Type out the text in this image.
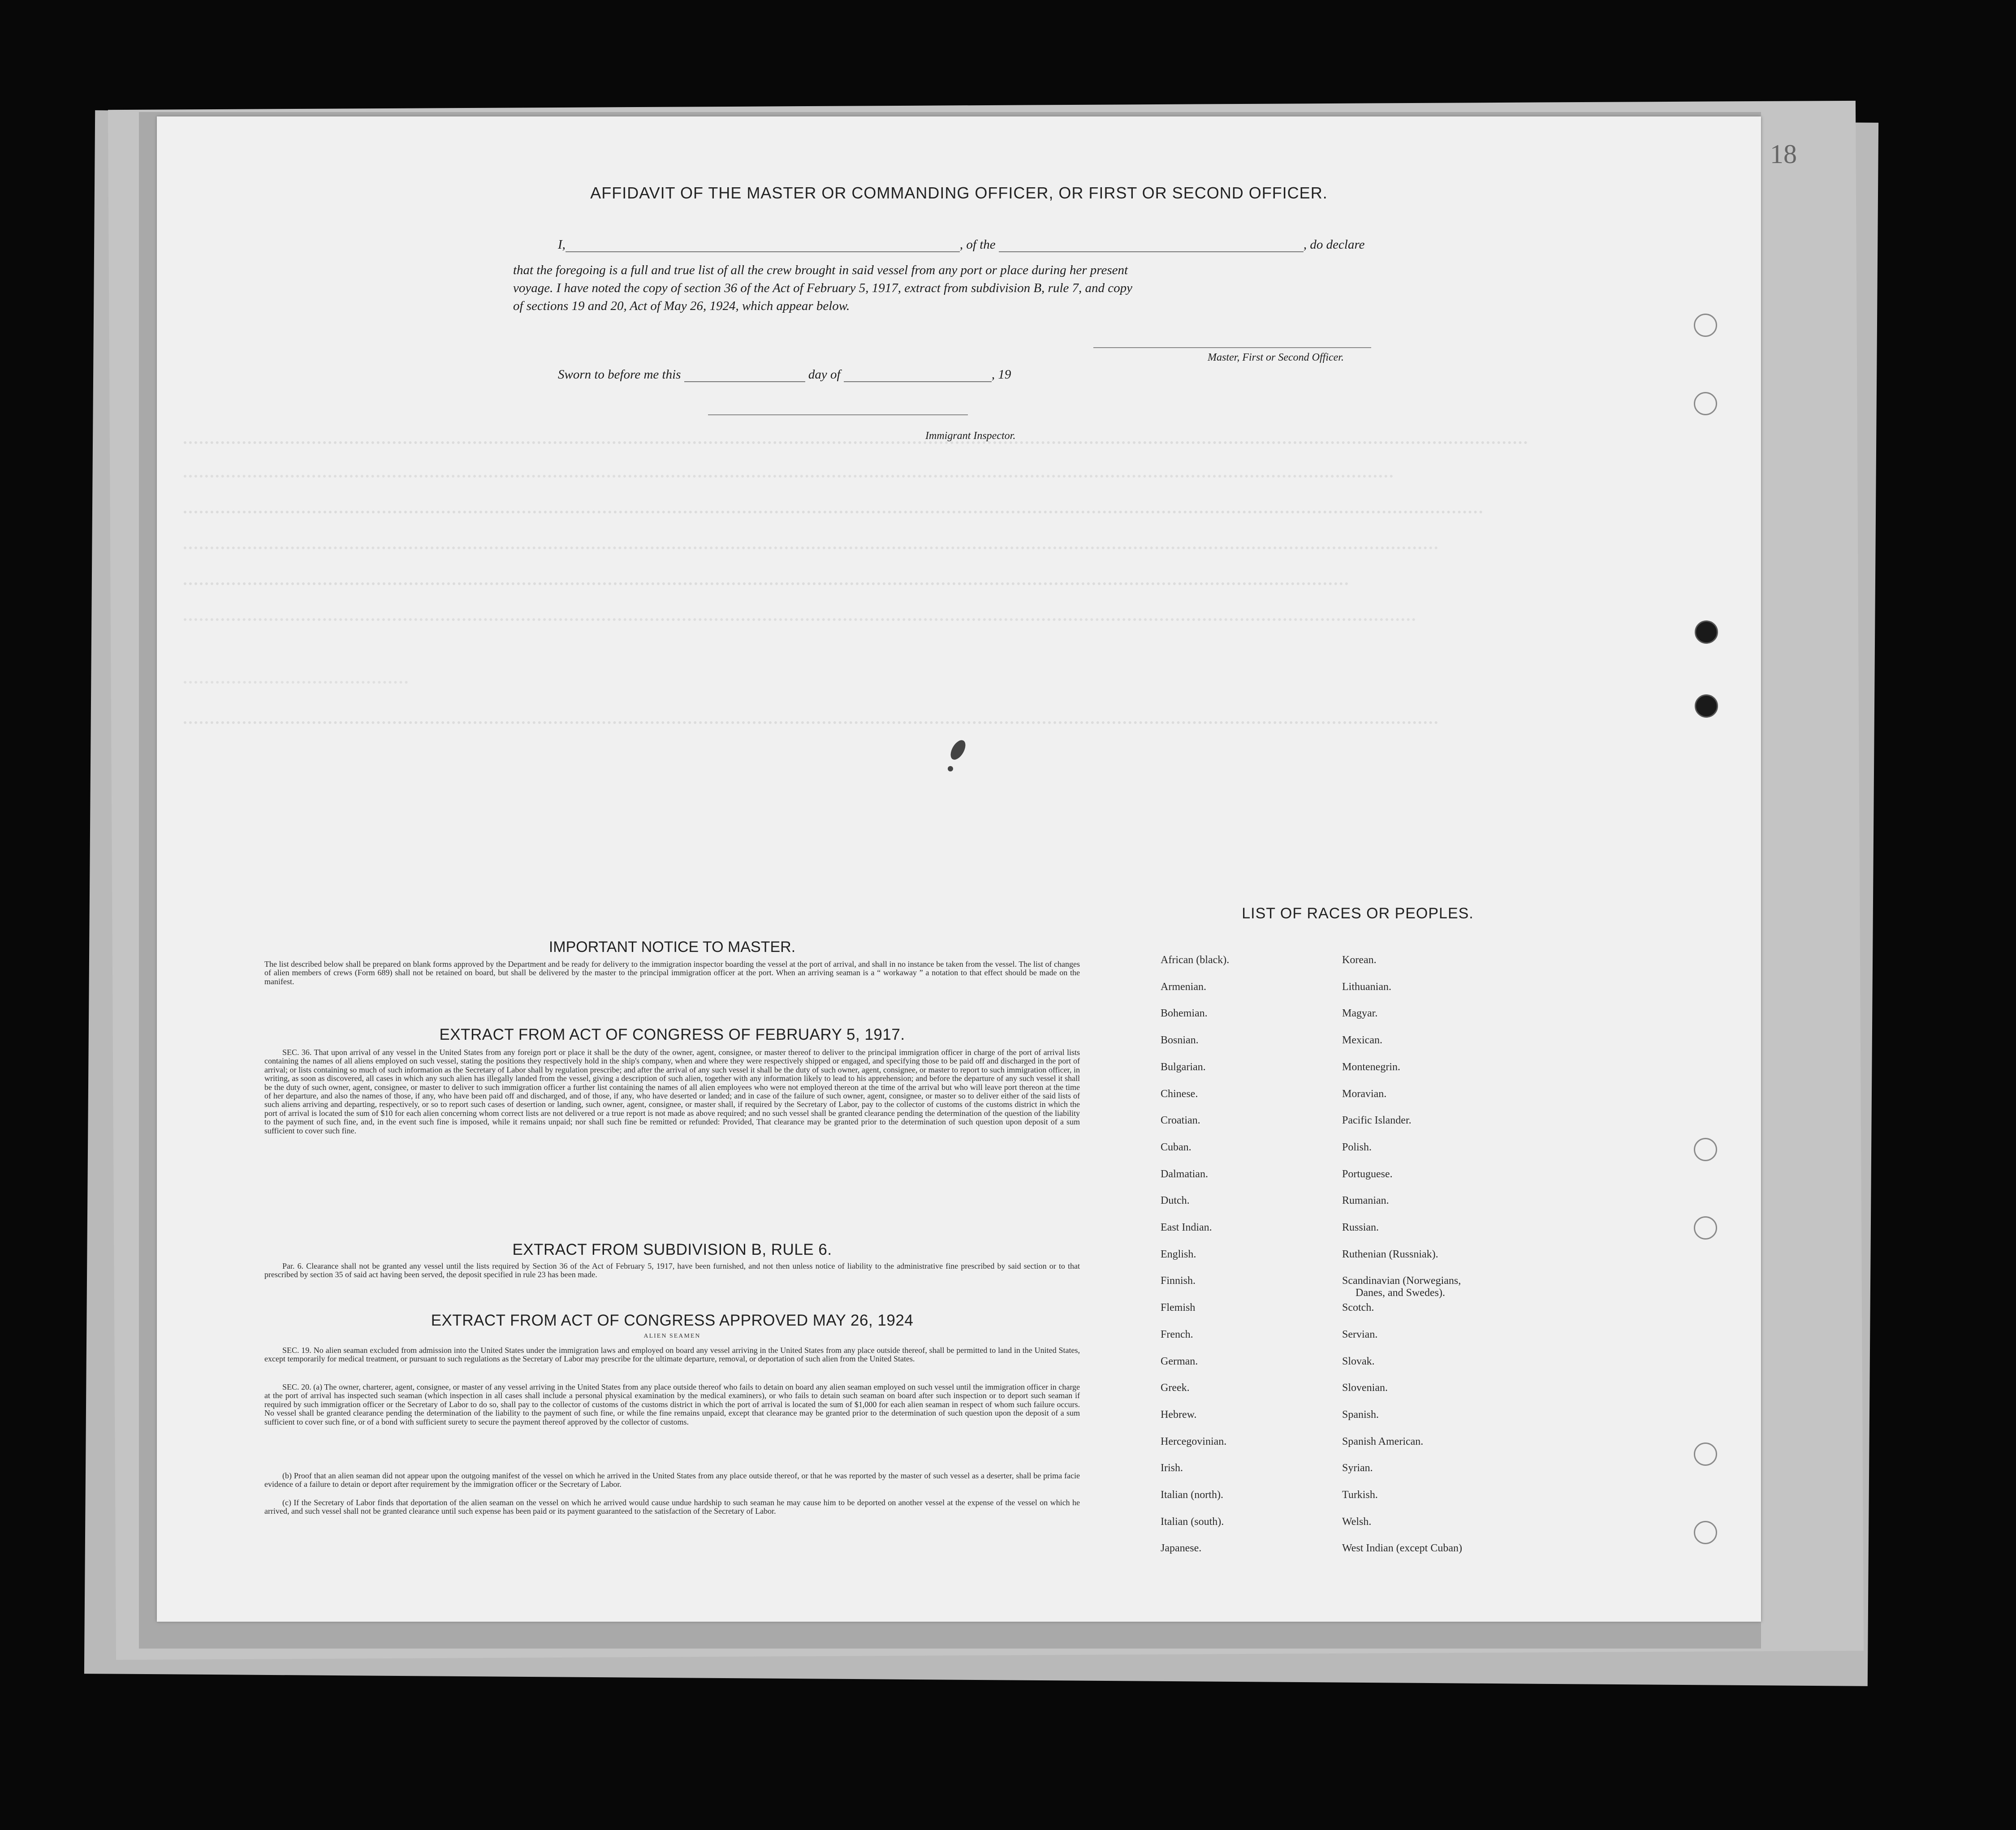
18
AFFIDAVIT OF THE MASTER OR COMMANDING OFFICER, OR FIRST OR SECOND OFFICER.
I,	, of the	, do declare
that the foregoing is a full and true list of all the crew brought in said vessel from any port or place during her present
voyage. I have noted the copy of section 36 of the Act of February 5, 1917, extract from subdivision B, rule 7, and copy
of sections 19 and 20, Act of May 26, 1924, which appear below.
Master, First or Second Officer.
Sworn to before me this	day of	, 19
Immigrant Inspector.
IMPORTANT NOTICE TO MASTER.
The list described below shall be prepared on blank forms approved by the Department and be ready for delivery to the immigration inspector boarding the vessel at the port of arrival, and shall in no instance be taken from the vessel. The list of changes of alien members of crews (Form 689) shall not be retained on board, but shall be delivered by the master to the principal immigration officer at the port. When an arriving seaman is a “ workaway ” a notation to that effect should be made on the manifest.
EXTRACT FROM ACT OF CONGRESS OF FEBRUARY 5, 1917.
SEC. 36. That upon arrival of any vessel in the United States from any foreign port or place it shall be the duty of the owner, agent, consignee, or master thereof to deliver to the principal immigration officer in charge of the port of arrival lists containing the names of all aliens employed on such vessel, stating the positions they respectively hold in the ship's company, when and where they were respectively shipped or engaged, and specifying those to be paid off and discharged in the port of arrival; or lists containing so much of such information as the Secretary of Labor shall by regulation prescribe; and after the arrival of any such vessel it shall be the duty of such owner, agent, consignee, or master to report to such immigration officer, in writing, as soon as discovered, all cases in which any such alien has illegally landed from the vessel, giving a description of such alien, together with any information likely to lead to his apprehension; and before the departure of any such vessel it shall be the duty of such owner, agent, consignee, or master to deliver to such immigration officer a further list containing the names of all alien employees who were not employed thereon at the time of the arrival but who will leave port thereon at the time of her departure, and also the names of those, if any, who have been paid off and discharged, and of those, if any, who have deserted or landed; and in case of the failure of such owner, agent, consignee, or master so to deliver either of the said lists of such aliens arriving and departing, respectively, or so to report such cases of desertion or landing, such owner, agent, consignee, or master shall, if required by the Secretary of Labor, pay to the collector of customs of the customs district in which the port of arrival is located the sum of $10 for each alien concerning whom correct lists are not delivered or a true report is not made as above required; and no such vessel shall be granted clearance pending the determination of the question of the liability to the payment of such fine, and, in the event such fine is imposed, while it remains unpaid; nor shall such fine be remitted or refunded: Provided, That clearance may be granted prior to the determination of such question upon deposit of a sum sufficient to cover such fine.
EXTRACT FROM SUBDIVISION B, RULE 6.
Par. 6. Clearance shall not be granted any vessel until the lists required by Section 36 of the Act of February 5, 1917, have been furnished, and not then unless notice of liability to the administrative fine prescribed by said section or to that prescribed by section 35 of said act having been served, the deposit specified in rule 23 has been made.
EXTRACT FROM ACT OF CONGRESS APPROVED MAY 26, 1924
ALIEN SEAMEN
SEC. 19. No alien seaman excluded from admission into the United States under the immigration laws and employed on board any vessel arriving in the United States from any place outside thereof, shall be permitted to land in the United States, except temporarily for medical treatment, or pursuant to such regulations as the Secretary of Labor may prescribe for the ultimate departure, removal, or deportation of such alien from the United States.
SEC. 20. (a) The owner, charterer, agent, consignee, or master of any vessel arriving in the United States from any place outside thereof who fails to detain on board any alien seaman employed on such vessel until the immigration officer in charge at the port of arrival has inspected such seaman (which inspection in all cases shall include a personal physical examination by the medical examiners), or who fails to detain such seaman on board after such inspection or to deport such seaman if required by such immigration officer or the Secretary of Labor to do so, shall pay to the collector of customs of the customs district in which the port of arrival is located the sum of $1,000 for each alien seaman in respect of whom such failure occurs. No vessel shall be granted clearance pending the determination of the liability to the payment of such fine, or while the fine remains unpaid, except that clearance may be granted prior to the determination of such question upon the deposit of a sum sufficient to cover such fine, or of a bond with sufficient surety to secure the payment thereof approved by the collector of customs.
(b) Proof that an alien seaman did not appear upon the outgoing manifest of the vessel on which he arrived in the United States from any place outside thereof, or that he was reported by the master of such vessel as a deserter, shall be prima facie evidence of a failure to detain or deport after requirement by the immigration officer or the Secretary of Labor.
(c) If the Secretary of Labor finds that deportation of the alien seaman on the vessel on which he arrived would cause undue hardship to such seaman he may cause him to be deported on another vessel at the expense of the vessel on which he arrived, and such vessel shall not be granted clearance until such expense has been paid or its payment guaranteed to the satisfaction of the Secretary of Labor.
LIST OF RACES OR PEOPLES.
African (black).
Armenian.
Bohemian.
Bosnian.
Bulgarian.
Chinese.
Croatian.
Cuban.
Dalmatian.
Dutch.
East Indian.
English.
Finnish.
Flemish
French.
German.
Greek.
Hebrew.
Hercegovinian.
Irish.
Italian (north).
Italian (south).
Japanese.
Korean.
Lithuanian.
Magyar.
Mexican.
Montenegrin.
Moravian.
Pacific Islander.
Polish.
Portuguese.
Rumanian.
Russian.
Ruthenian (Russniak).
Scandinavian (Norwegians,
Danes, and Swedes).
Scotch.
Servian.
Slovak.
Slovenian.
Spanish.
Spanish American.
Syrian.
Turkish.
Welsh.
West Indian (except Cuban)
